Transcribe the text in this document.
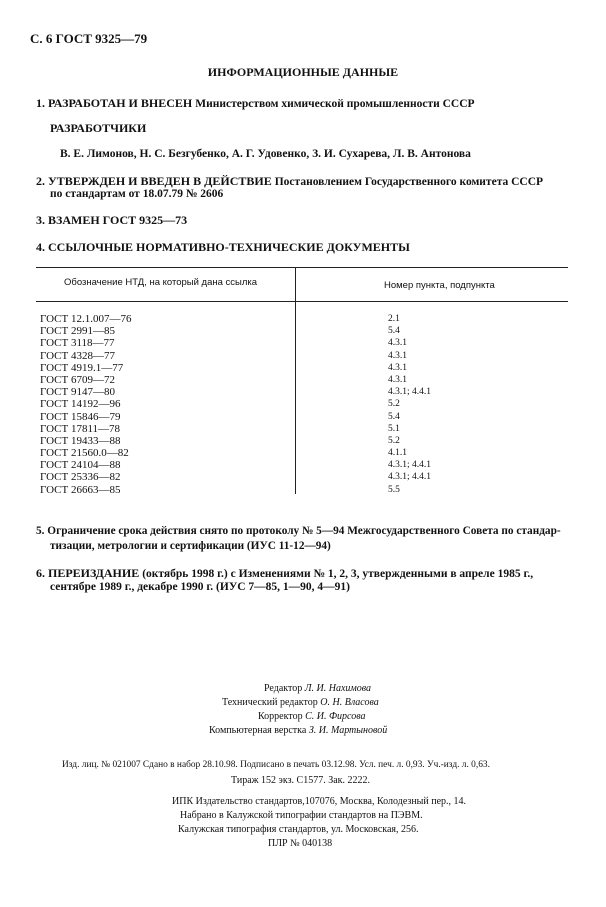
С. 6 ГОСТ 9325—79
ИНФОРМАЦИОННЫЕ ДАННЫЕ
1. РАЗРАБОТАН И ВНЕСЕН Министерством химической промышленности СССР
РАЗРАБОТЧИКИ
В. Е. Лимонов, Н. С. Безгубенко, А. Г. Удовенко, З. И. Сухарева, Л. В. Антонова
2. УТВЕРЖДЕН И ВВЕДЕН В ДЕЙСТВИЕ Постановлением Государственного комитета СССР
по стандартам от 18.07.79 № 2606
3. ВЗАМЕН ГОСТ 9325—73
4. ССЫЛОЧНЫЕ НОРМАТИВНО-ТЕХНИЧЕСКИЕ ДОКУМЕНТЫ
Обозначение НТД, на который дана ссылка	Номер пункта, подпункта
ГОСТ 12.1.007—76
ГОСТ 2991—85
ГОСТ 3118—77
ГОСТ 4328—77
ГОСТ 4919.1—77
ГОСТ 6709—72
ГОСТ 9147—80
ГОСТ 14192—96
ГОСТ 15846—79
ГОСТ 17811—78
ГОСТ 19433—88
ГОСТ 21560.0—82
ГОСТ 24104—88
ГОСТ 25336—82
ГОСТ 26663—85
2.1
5.4
4.3.1
4.3.1
4.3.1
4.3.1
4.3.1; 4.4.1
5.2
5.4
5.1
5.2
4.1.1
4.3.1; 4.4.1
4.3.1; 4.4.1
5.5
5. Ограничение срока действия снято по протоколу № 5—94 Межгосударственного Совета по стандар-
тизации, метрологии и сертификации (ИУС 11-12—94)
6. ПЕРЕИЗДАНИЕ (октябрь 1998 г.) с Изменениями № 1, 2, 3, утвержденными в апреле 1985 г.,
сентябре 1989 г., декабре 1990 г. (ИУС 7—85, 1—90, 4—91)
Редактор Л. И. Нахимова
Технический редактор О. Н. Власова
Корректор С. И. Фирсова
Компьютерная верстка З. И. Мартыновой
Изд. лиц. № 021007 Сдано в набор 28.10.98. Подписано в печать 03.12.98. Усл. печ. л. 0,93. Уч.-изд. л. 0,63.
Тираж 152 экз. С1577. Зак. 2222.
ИПК Издательство стандартов,107076, Москва, Колодезный пер., 14.
Набрано в Калужской типографии стандартов на ПЭВМ.
Калужская типография стандартов, ул. Московская, 256.
ПЛР № 040138
